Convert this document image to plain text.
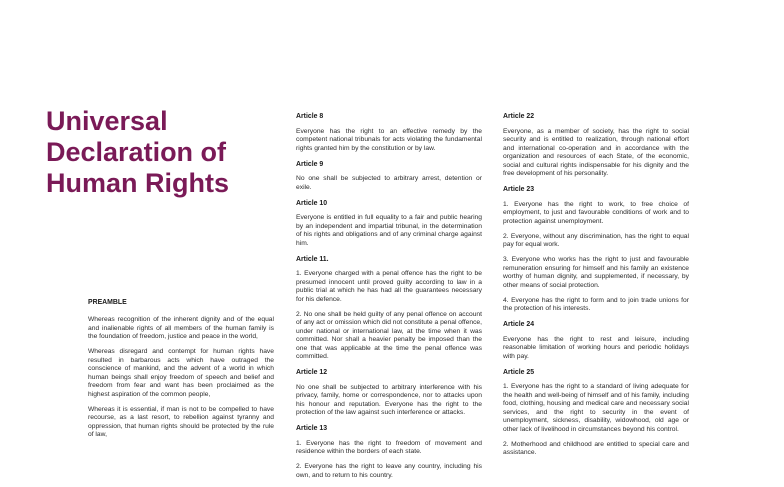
Universal
Declaration of
Human Rights
PREAMBLE

Whereas recognition of the inherent dignity and of the equal and inalienable rights of all members of the human family is the foundation of freedom, justice and peace in the world,

Whereas disregard and contempt for human rights have resulted in barbarous acts which have outraged the conscience of mankind, and the advent of a world in which human beings shall enjoy freedom of speech and belief and freedom from fear and want has been proclaimed as the highest aspiration of the common people,

Whereas it is essential, if man is not to be compelled to have recourse, as a last resort, to rebellion against tyranny and oppression, that human rights should be protected by the rule of law,

Article 8

Everyone has the right to an effective remedy by the competent national tribunals for acts violating the fundamental rights granted him by the constitution or by law.

Article 9

No one shall be subjected to arbitrary arrest, detention or exile.

Article 10

Everyone is entitled in full equality to a fair and public hearing by an independent and impartial tribunal, in the determination of his rights and obligations and of any criminal charge against him.

Article 11.

1. Everyone charged with a penal offence has the right to be presumed innocent until proved guilty according to law in a public trial at which he has had all the guarantees necessary for his defence.

2. No one shall be held guilty of any penal offence on account of any act or omission which did not constitute a penal offence, under national or international law, at the time when it was committed. Nor shall a heavier penalty be imposed than the one that was applicable at the time the penal offence was committed.

Article 12

No one shall be subjected to arbitrary interference with his privacy, family, home or correspondence, nor to attacks upon his honour and reputation. Everyone has the right to the protection of the law against such interference or attacks.

Article 13

1. Everyone has the right to freedom of movement and residence within the borders of each state.

2. Everyone has the right to leave any country, including his own, and to return to his country.

Article 22

Everyone, as a member of society, has the right to social security and is entitled to realization, through national effort and international co-operation and in accordance with the organization and resources of each State, of the economic, social and cultural rights indispensable for his dignity and the free development of his personality.

Article 23

1. Everyone has the right to work, to free choice of employment, to just and favourable conditions of work and to protection against unemployment.

2. Everyone, without any discrimination, has the right to equal pay for equal work.

3. Everyone who works has the right to just and favourable remuneration ensuring for himself and his family an existence worthy of human dignity, and supplemented, if necessary, by other means of social protection.

4. Everyone has the right to form and to join trade unions for the protection of his interests.

Article 24

Everyone has the right to rest and leisure, including reasonable limitation of working hours and periodic holidays with pay.

Article 25

1. Everyone has the right to a standard of living adequate for the health and well-being of himself and of his family, including food, clothing, housing and medical care and necessary social services, and the right to security in the event of unemployment, sickness, disability, widowhood, old age or other lack of livelihood in circumstances beyond his control.

2. Motherhood and childhood are entitled to special care and assistance.
